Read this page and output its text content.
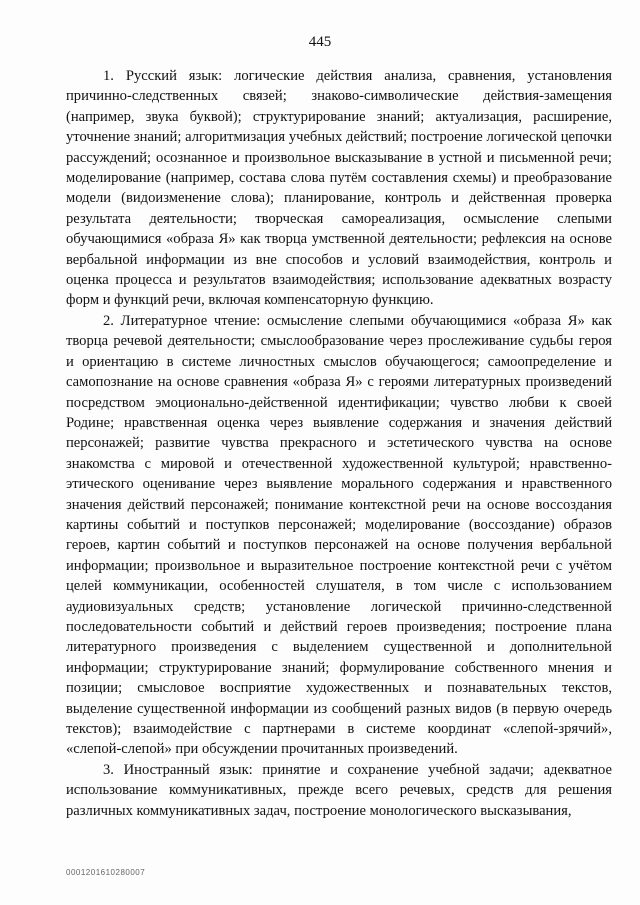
445

1. Русский язык: логические действия анализа, сравнения, установления причинно-следственных связей; знаково-символические действия-замещения (например, звука буквой); структурирование знаний; актуализация, расширение, уточнение знаний; алгоритмизация учебных действий; построение логической цепочки рассуждений; осознанное и произвольное высказывание в устной и письменной речи; моделирование (например, состава слова путём составления схемы) и преобразование модели (видоизменение слова); планирование, контроль и действенная проверка результата деятельности; творческая самореализация, осмысление слепыми обучающимися «образа Я» как творца умственной деятельности; рефлексия на основе вербальной информации из вне способов и условий взаимодействия, контроль и оценка процесса и результатов взаимодействия; использование адекватных возрасту форм и функций речи, включая компенсаторную функцию.

2. Литературное чтение: осмысление слепыми обучающимися «образа Я» как творца речевой деятельности; смыслообразование через прослеживание судьбы героя и ориентацию в системе личностных смыслов обучающегося; самоопределение и самопознание на основе сравнения «образа Я» с героями литературных произведений посредством эмоционально-действенной идентификации; чувство любви к своей Родине; нравственная оценка через выявление содержания и значения действий персонажей; развитие чувства прекрасного и эстетического чувства на основе знакомства с мировой и отечественной художественной культурой; нравственно-этического оценивание через выявление морального содержания и нравственного значения действий персонажей; понимание контекстной речи на основе воссоздания картины событий и поступков персонажей; моделирование (воссоздание) образов героев, картин событий и поступков персонажей на основе получения вербальной информации; произвольное и выразительное построение контекстной речи с учётом целей коммуникации, особенностей слушателя, в том числе с использованием аудиовизуальных средств; установление логической причинно-следственной последовательности событий и действий героев произведения; построение плана литературного произведения с выделением существенной и дополнительной информации; структурирование знаний; формулирование собственного мнения и позиции; смысловое восприятие художественных и познавательных текстов, выделение существенной информации из сообщений разных видов (в первую очередь текстов); взаимодействие с партнерами в системе координат «слепой-зрячий», «слепой-слепой» при обсуждении прочитанных произведений.

3. Иностранный язык: принятие и сохранение учебной задачи; адекватное использование коммуникативных, прежде всего речевых, средств для решения различных коммуникативных задач, построение монологического высказывания,

0001201610280007
